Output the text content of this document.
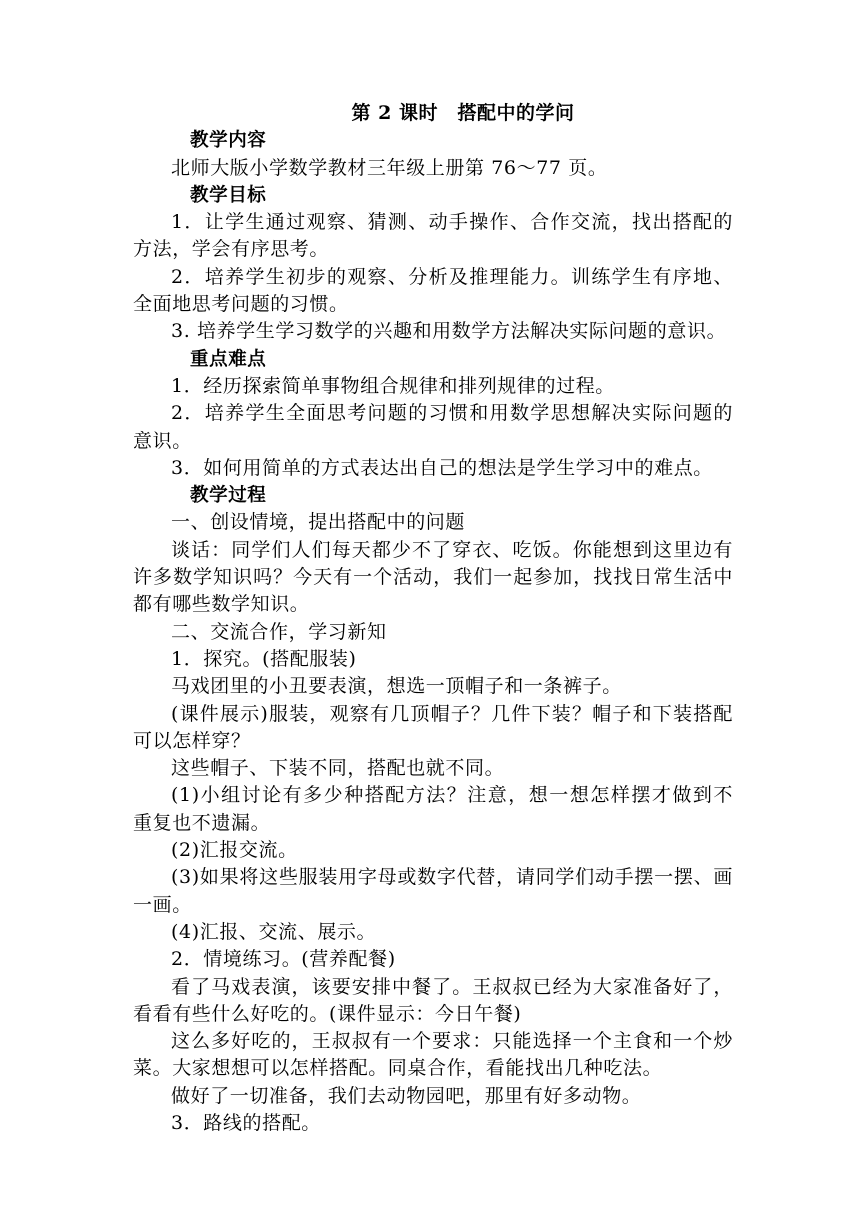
第 2 课时　搭配中的学问
教学内容
北师大版小学数学教材三年级上册第 76～77 页。
教学目标
1．让学生通过观察、猜测、动手操作、合作交流，找出搭配的
方法，学会有序思考。
2．培养学生初步的观察、分析及推理能力。训练学生有序地、
全面地思考问题的习惯。
3. 培养学生学习数学的兴趣和用数学方法解决实际问题的意识。
重点难点
1．经历探索简单事物组合规律和排列规律的过程。
2．培养学生全面思考问题的习惯和用数学思想解决实际问题的
意识。
3．如何用简单的方式表达出自己的想法是学生学习中的难点。
教学过程
一、创设情境，提出搭配中的问题
谈话：同学们人们每天都少不了穿衣、吃饭。你能想到这里边有
许多数学知识吗？今天有一个活动，我们一起参加，找找日常生活中
都有哪些数学知识。
二、交流合作，学习新知
1．探究。(搭配服装)
马戏团里的小丑要表演，想选一顶帽子和一条裤子。
(课件展示)服装，观察有几顶帽子？几件下装？帽子和下装搭配
可以怎样穿？
这些帽子、下装不同，搭配也就不同。
(1)小组讨论有多少种搭配方法？注意，想一想怎样摆才做到不
重复也不遗漏。
(2)汇报交流。
(3)如果将这些服装用字母或数字代替，请同学们动手摆一摆、画
一画。
(4)汇报、交流、展示。
2．情境练习。(营养配餐)
看了马戏表演，该要安排中餐了。王叔叔已经为大家准备好了，
看看有些什么好吃的。(课件显示：今日午餐)
这么多好吃的，王叔叔有一个要求：只能选择一个主食和一个炒
菜。大家想想可以怎样搭配。同桌合作，看能找出几种吃法。
做好了一切准备，我们去动物园吧，那里有好多动物。
3．路线的搭配。
